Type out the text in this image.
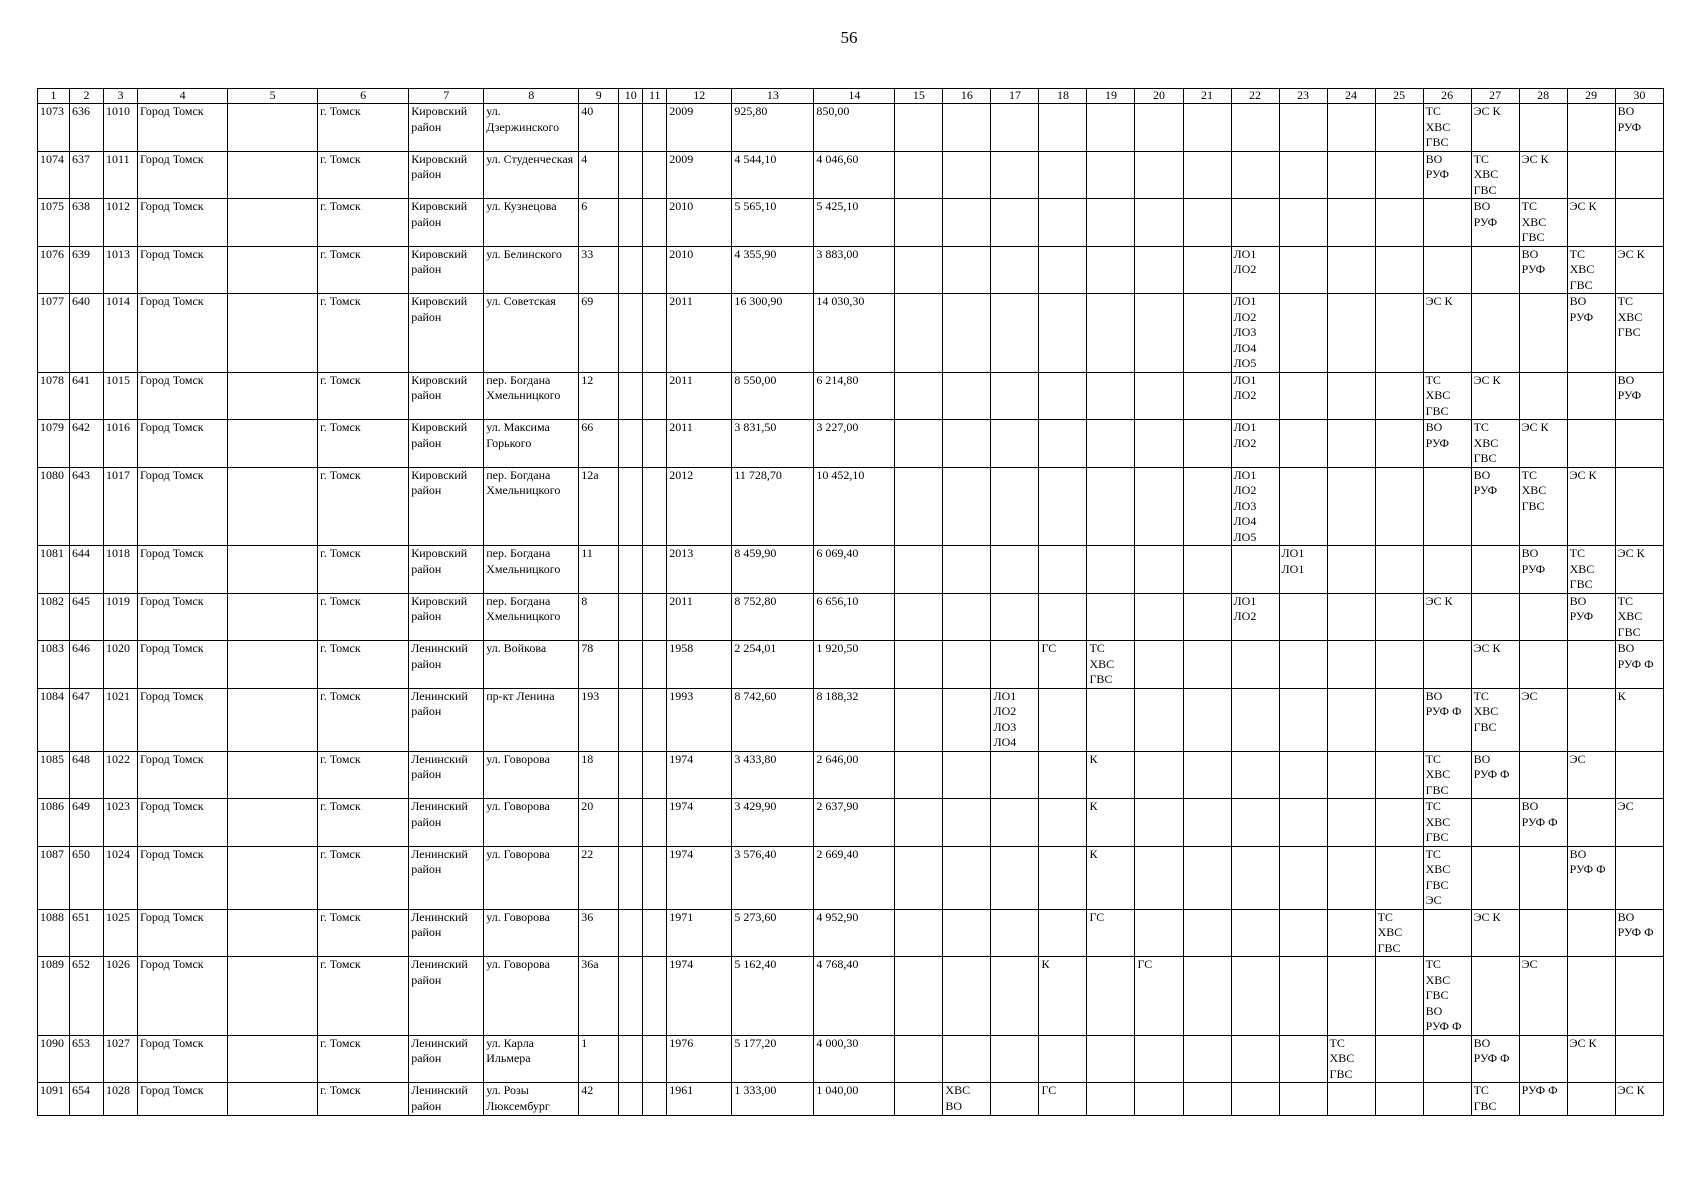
56
1	2	3	4	5	6	7	8	9	10	11	12	13	14	15	16	17	18	19	20	21	22	23	24	25	26	27	28	29	30
1073	636	1010	Город Томск		г. Томск	Кировский район	ул. Дзержинского	40			2009	925,80	850,00												ТС
ХВС
ГВС	ЭС К			ВО
РУФ
1074	637	1011	Город Томск		г. Томск	Кировский район	ул. Студенческая	4			2009	4 544,10	4 046,60												ВО
РУФ	ТС
ХВС
ГВС	ЭС К		
1075	638	1012	Город Томск		г. Томск	Кировский район	ул. Кузнецова	6			2010	5 565,10	5 425,10													ВО
РУФ	ТС
ХВС
ГВС	ЭС К	
1076	639	1013	Город Томск		г. Томск	Кировский район	ул. Белинского	33			2010	4 355,90	3 883,00								ЛО1
ЛО2						ВО
РУФ	ТС
ХВС
ГВС	ЭС К
1077	640	1014	Город Томск		г. Томск	Кировский район	ул. Советская	69			2011	16 300,90	14 030,30								ЛО1
ЛО2
ЛО3
ЛО4
ЛО5				ЭС К			ВО
РУФ	ТС
ХВС
ГВС
1078	641	1015	Город Томск		г. Томск	Кировский район	пер. Богдана Хмельницкого	12			2011	8 550,00	6 214,80								ЛО1
ЛО2				ТС
ХВС
ГВС	ЭС К			ВО
РУФ
1079	642	1016	Город Томск		г. Томск	Кировский район	ул. Максима Горького	66			2011	3 831,50	3 227,00								ЛО1
ЛО2				ВО
РУФ	ТС
ХВС
ГВС	ЭС К		
1080	643	1017	Город Томск		г. Томск	Кировский район	пер. Богдана Хмельницкого	12а			2012	11 728,70	10 452,10								ЛО1
ЛО2
ЛО3
ЛО4
ЛО5					ВО
РУФ	ТС
ХВС
ГВС	ЭС К	
1081	644	1018	Город Томск		г. Томск	Кировский район	пер. Богдана Хмельницкого	11			2013	8 459,90	6 069,40									ЛО1
ЛО1					ВО
РУФ	ТС
ХВС
ГВС	ЭС К
1082	645	1019	Город Томск		г. Томск	Кировский район	пер. Богдана Хмельницкого	8			2011	8 752,80	6 656,10								ЛО1
ЛО2				ЭС К			ВО
РУФ	ТС
ХВС
ГВС
1083	646	1020	Город Томск		г. Томск	Ленинский район	ул. Войкова	78			1958	2 254,01	1 920,50				ГС	ТС
ХВС
ГВС								ЭС К			ВО
РУФ Ф
1084	647	1021	Город Томск		г. Томск	Ленинский район	пр-кт Ленина	193			1993	8 742,60	8 188,32			ЛО1
ЛО2
ЛО3
ЛО4									ВО
РУФ Ф	ТС
ХВС
ГВС	ЭС		К
1085	648	1022	Город Томск		г. Томск	Ленинский район	ул. Говорова	18			1974	3 433,80	2 646,00					К							ТС
ХВС
ГВС	ВО
РУФ Ф		ЭС	
1086	649	1023	Город Томск		г. Томск	Ленинский район	ул. Говорова	20			1974	3 429,90	2 637,90					К							ТС
ХВС
ГВС		ВО
РУФ Ф		ЭС
1087	650	1024	Город Томск		г. Томск	Ленинский район	ул. Говорова	22			1974	3 576,40	2 669,40					К							ТС
ХВС
ГВС
ЭС			ВО
РУФ Ф	
1088	651	1025	Город Томск		г. Томск	Ленинский район	ул. Говорова	36			1971	5 273,60	4 952,90					ГС						ТС
ХВС
ГВС		ЭС К			ВО
РУФ Ф
1089	652	1026	Город Томск		г. Томск	Ленинский район	ул. Говорова	36а			1974	5 162,40	4 768,40				К		ГС						ТС
ХВС
ГВС
ВО
РУФ Ф		ЭС		
1090	653	1027	Город Томск		г. Томск	Ленинский район	ул. Карла Ильмера	1			1976	5 177,20	4 000,30										ТС
ХВС
ГВС			ВО
РУФ Ф		ЭС К	
1091	654	1028	Город Томск		г. Томск	Ленинский район	ул. Розы Люксембург	42			1961	1 333,00	1 040,00		ХВС
ВО		ГС									ТС
ГВС	РУФ Ф		ЭС К
